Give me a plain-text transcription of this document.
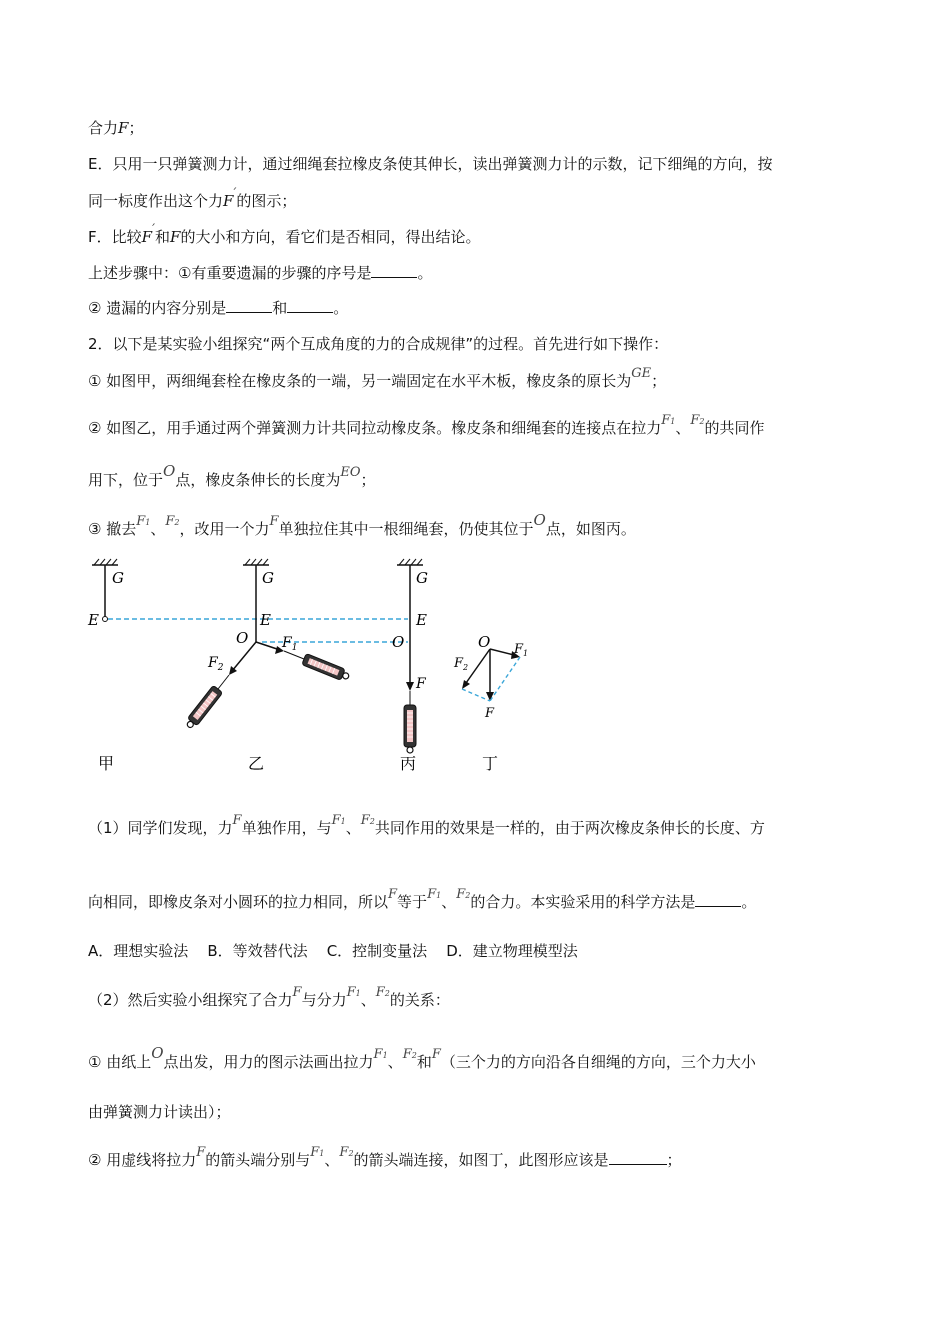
合力F；
E．只用一只弹簧测力计，通过细绳套拉橡皮条使其伸长，读出弹簧测力计的示数，记下细绳的方向，按
同一标度作出这个力F′的图示；
F．比较F′和F的大小和方向，看它们是否相同，得出结论。
上述步骤中：①有重要遗漏的步骤的序号是	。
② 遗漏的内容分别是	和	。
2．以下是某实验小组探究“两个互成角度的力的合成规律”的过程。首先进行如下操作：
① 如图甲，两细绳套栓在橡皮条的一端，另一端固定在水平木板，橡皮条的原长为GE；
② 如图乙，用手通过两个弹簧测力计共同拉动橡皮条。橡皮条和细绳套的连接点在拉力F1、F2的共同作
用下，位于O点，橡皮条伸长的长度为EO；
③ 撤去F1、F2，改用一个力F单独拉住其中一根细绳套，仍使其位于O点，如图丙。
G
E
甲
G
E
O $F_1$
$F_2$
乙
G
E
O
F
丙
O $F_1$
$F_2$
F
丁
（1）同学们发现，力F单独作用，与F1、F2共同作用的效果是一样的，由于两次橡皮条伸长的长度、方
向相同，即橡皮条对小圆环的拉力相同，所以F等于F1、F2的合力。本实验采用的科学方法是	。
A．理想实验法    B．等效替代法    C．控制变量法    D．建立物理模型法
（2）然后实验小组探究了合力F与分力F1、F2的关系：
① 由纸上O点出发，用力的图示法画出拉力F1、F2和F（三个力的方向沿各自细绳的方向，三个力大小
由弹簧测力计读出）；
② 用虚线将拉力F的箭头端分别与F1、F2的箭头端连接，如图丁，此图形应该是	；
